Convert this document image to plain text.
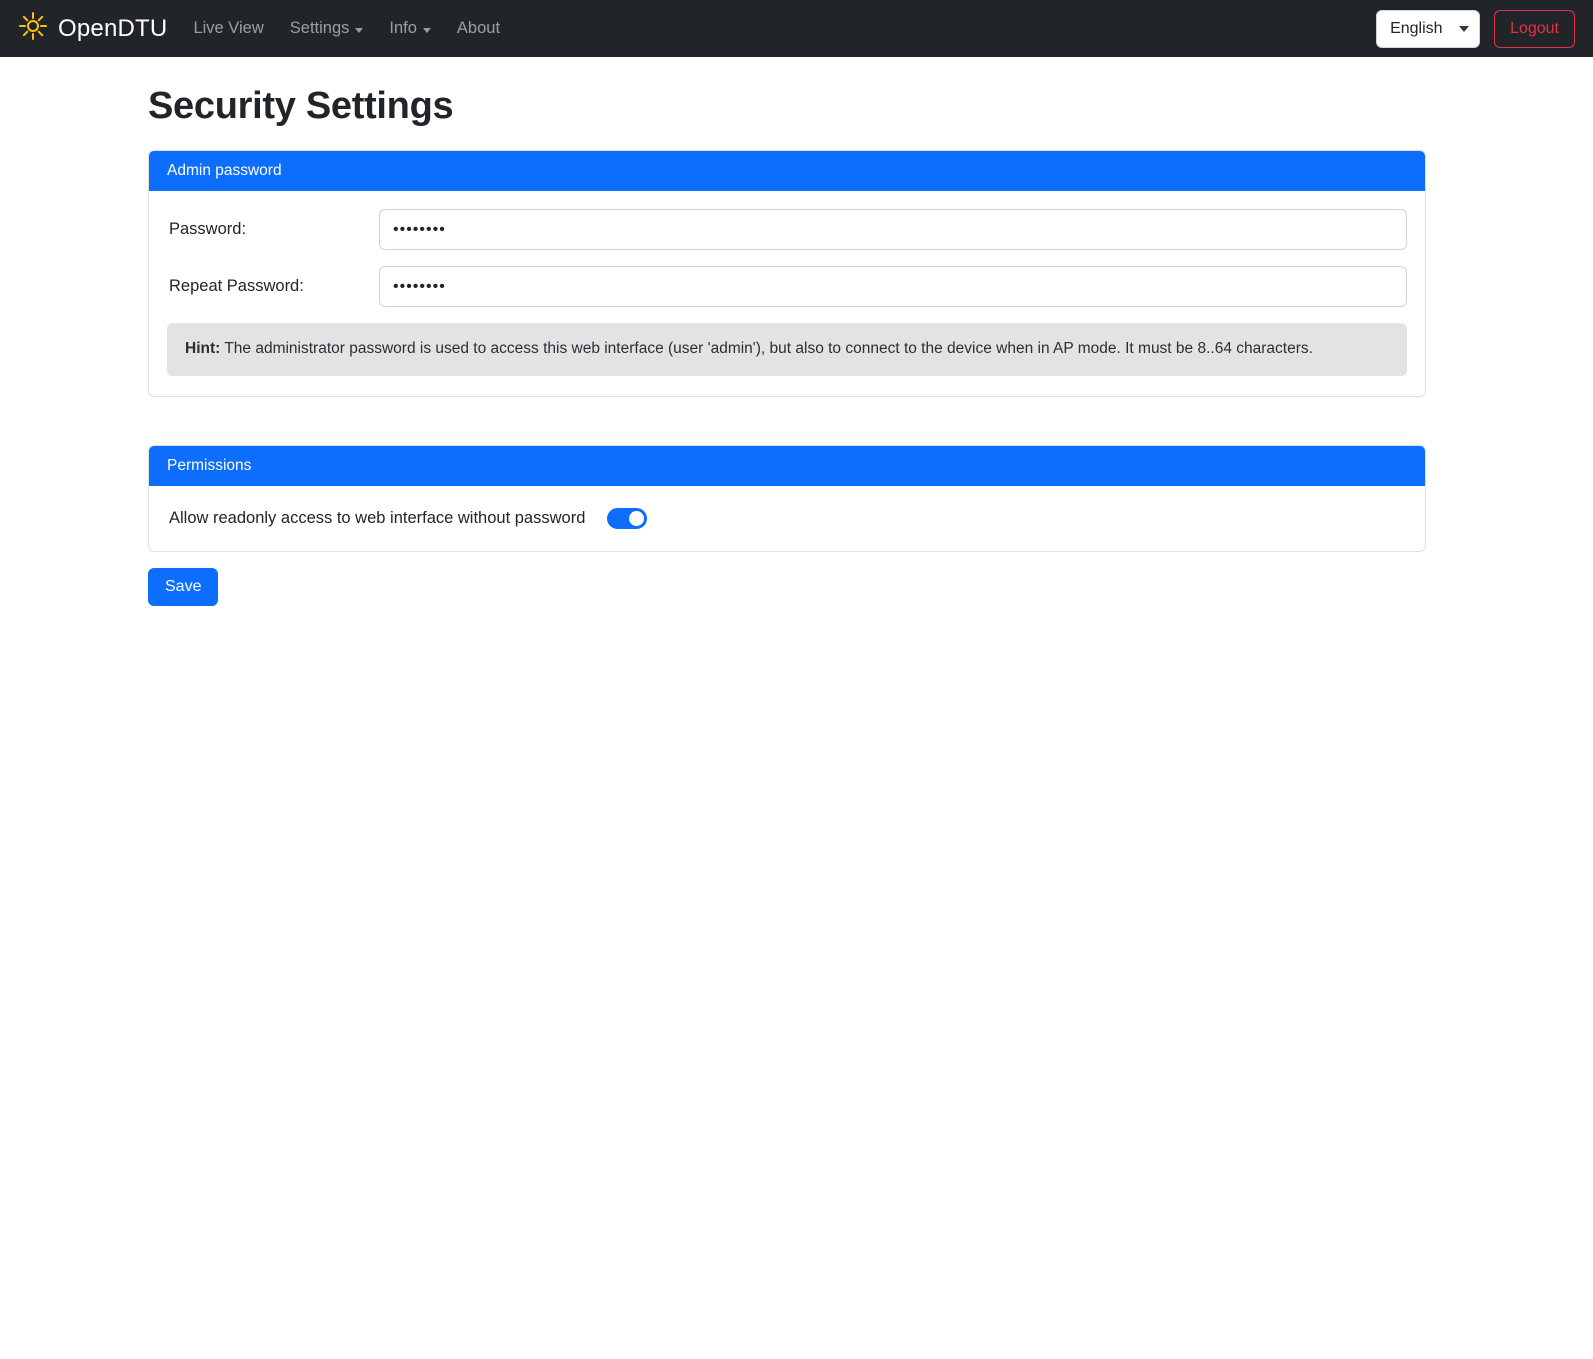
OpenDTU Live View Settings Info About	English	Logout
Security Settings
Admin password
Password:
••••••••
Repeat Password:
••••••••
Hint: The administrator password is used to access this web interface (user 'admin'), but also to connect to the device when in AP mode. It must be 8..64 characters.
Permissions
Allow readonly access to web interface without password
Save
